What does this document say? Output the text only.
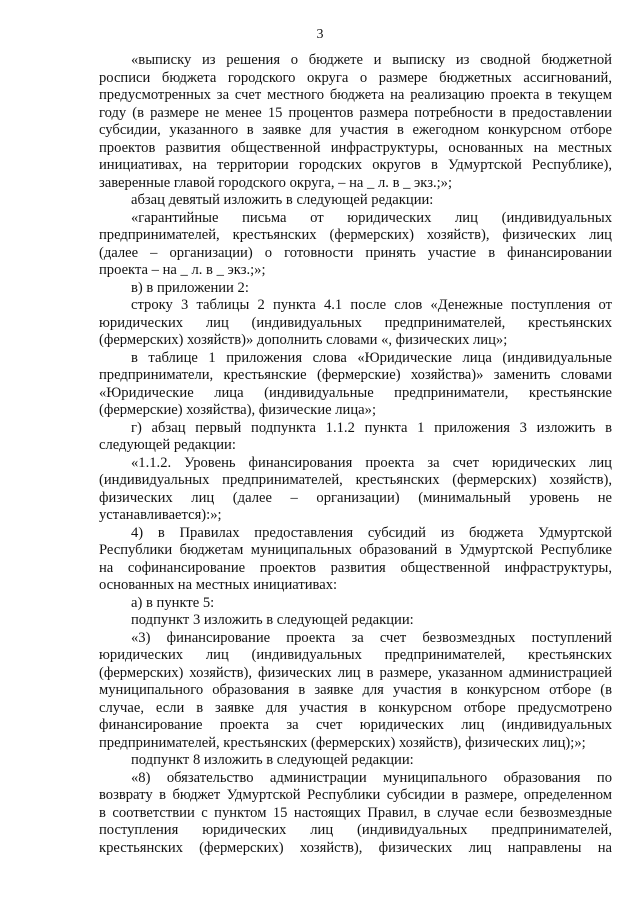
3
«выписку из решения о бюджете и выписку из сводной бюджетной
росписи бюджета городского округа о размере бюджетных ассигнований,
предусмотренных за счет местного бюджета на реализацию проекта в текущем
году (в размере не менее 15 процентов размера потребности в предоставлении
субсидии, указанного в заявке для участия в ежегодном конкурсном отборе
проектов развития общественной инфраструктуры, основанных на местных
инициативах, на территории городских округов в Удмуртской Республике),
заверенные главой городского округа, – на _ л. в _ экз.;»;
абзац девятый изложить в следующей редакции:
«гарантийные письма от юридических лиц (индивидуальных
предпринимателей, крестьянских (фермерских) хозяйств), физических лиц
(далее – организации) о готовности принять участие в финансировании
проекта – на _ л. в _ экз.;»;
в) в приложении 2:
строку 3 таблицы 2 пункта 4.1 после слов «Денежные поступления от
юридических лиц (индивидуальных предпринимателей, крестьянских
(фермерских) хозяйств)» дополнить словами «, физических лиц»;
в таблице 1 приложения слова «Юридические лица (индивидуальные
предприниматели, крестьянские (фермерские) хозяйства)» заменить словами
«Юридические лица (индивидуальные предприниматели, крестьянские
(фермерские) хозяйства), физические лица»;
г) абзац первый подпункта 1.1.2 пункта 1 приложения 3 изложить в
следующей редакции:
«1.1.2. Уровень финансирования проекта за счет юридических лиц
(индивидуальных предпринимателей, крестьянских (фермерских) хозяйств),
физических лиц (далее – организации) (минимальный уровень не
устанавливается):»;
4) в Правилах предоставления субсидий из бюджета Удмуртской
Республики бюджетам муниципальных образований в Удмуртской Республике
на софинансирование проектов развития общественной инфраструктуры,
основанных на местных инициативах:
а) в пункте 5:
подпункт 3 изложить в следующей редакции:
«3) финансирование проекта за счет безвозмездных поступлений
юридических лиц (индивидуальных предпринимателей, крестьянских
(фермерских) хозяйств), физических лиц в размере, указанном администрацией
муниципального образования в заявке для участия в конкурсном отборе (в
случае, если в заявке для участия в конкурсном отборе предусмотрено
финансирование проекта за счет юридических лиц (индивидуальных
предпринимателей, крестьянских (фермерских) хозяйств), физических лиц);»;
подпункт 8 изложить в следующей редакции:
«8) обязательство администрации муниципального образования по
возврату в бюджет Удмуртской Республики субсидии в размере, определенном
в соответствии с пунктом 15 настоящих Правил, в случае если безвозмездные
поступления юридических лиц (индивидуальных предпринимателей,
крестьянских (фермерских) хозяйств), физических лиц направлены на
